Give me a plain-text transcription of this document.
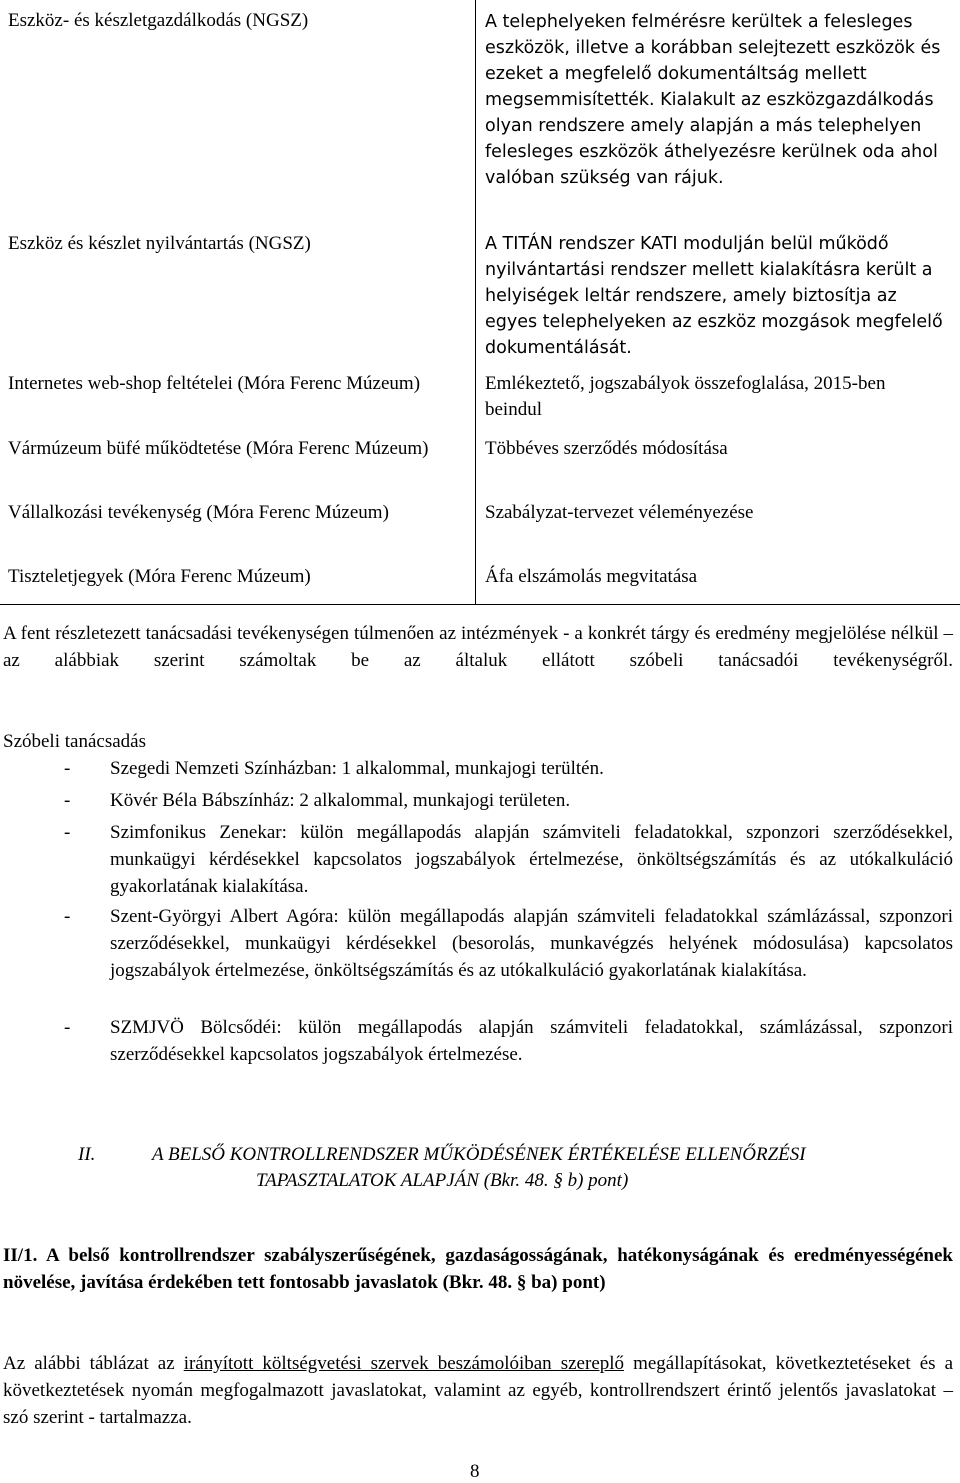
Eszköz- és készletgazdálkodás (NGSZ)	A telephelyeken felmérésre kerültek a felesleges eszközök, illetve a korábban selejtezett eszközök és ezeket a megfelelő dokumentáltság mellett megsemmisítették. Kialakult az eszközgazdálkodás olyan rendszere amely alapján a más telephelyen felesleges eszközök áthelyezésre kerülnek oda ahol valóban szükség van rájuk.
Eszköz és készlet nyilvántartás (NGSZ)	A TITÁN rendszer KATI modulján belül működő nyilvántartási rendszer mellett kialakításra került a helyiségek leltár rendszere, amely biztosítja az egyes telephelyeken az eszköz mozgások megfelelő dokumentálását.
Internetes web-shop feltételei (Móra Ferenc Múzeum)	Emlékeztető, jogszabályok összefoglalása, 2015-ben beindul
Vármúzeum büfé működtetése (Móra Ferenc Múzeum)	Többéves szerződés módosítása
Vállalkozási tevékenység (Móra Ferenc Múzeum)	Szabályzat-tervezet véleményezése
Tiszteletjegyek (Móra Ferenc Múzeum)	Áfa elszámolás megvitatása
A fent részletezett tanácsadási tevékenységen túlmenően az intézmények - a konkrét tárgy és eredmény megjelölése nélkül – az alábbiak szerint számoltak be az általuk ellátott szóbeli tanácsadói tevékenységről.
Szóbeli tanácsadás
-	Szegedi Nemzeti Színházban: 1 alkalommal, munkajogi terültén.
-	Kövér Béla Bábszínház: 2 alkalommal, munkajogi területen.
-	Szimfonikus Zenekar: külön megállapodás alapján számviteli feladatokkal, szponzori szerződésekkel, munkaügyi kérdésekkel kapcsolatos jogszabályok értelmezése, önköltségszámítás és az utókalkuláció gyakorlatának kialakítása.
-	Szent-Györgyi Albert Agóra: külön megállapodás alapján számviteli feladatokkal számlázással, szponzori szerződésekkel, munkaügyi kérdésekkel (besorolás, munkavégzés helyének módosulása) kapcsolatos jogszabályok értelmezése, önköltségszámítás és az utókalkuláció gyakorlatának kialakítása.
-	SZMJVÖ Bölcsődéi: külön megállapodás alapján számviteli feladatokkal, számlázással, szponzori szerződésekkel kapcsolatos jogszabályok értelmezése.
II.	A BELSŐ KONTROLLRENDSZER MŰKÖDÉSÉNEK ÉRTÉKELÉSE ELLENŐRZÉSI
TAPASZTALATOK ALAPJÁN (Bkr. 48. § b) pont)
II/1. A belső kontrollrendszer szabályszerűségének, gazdaságosságának, hatékonyságának és eredményességének növelése, javítása érdekében tett fontosabb javaslatok (Bkr. 48. § ba) pont)
Az alábbi táblázat az irányított költségvetési szervek beszámolóiban szereplő megállapításokat, következtetéseket és a következtetések nyomán megfogalmazott javaslatokat, valamint az egyéb, kontrollrendszert érintő jelentős javaslatokat – szó szerint - tartalmazza.
8
